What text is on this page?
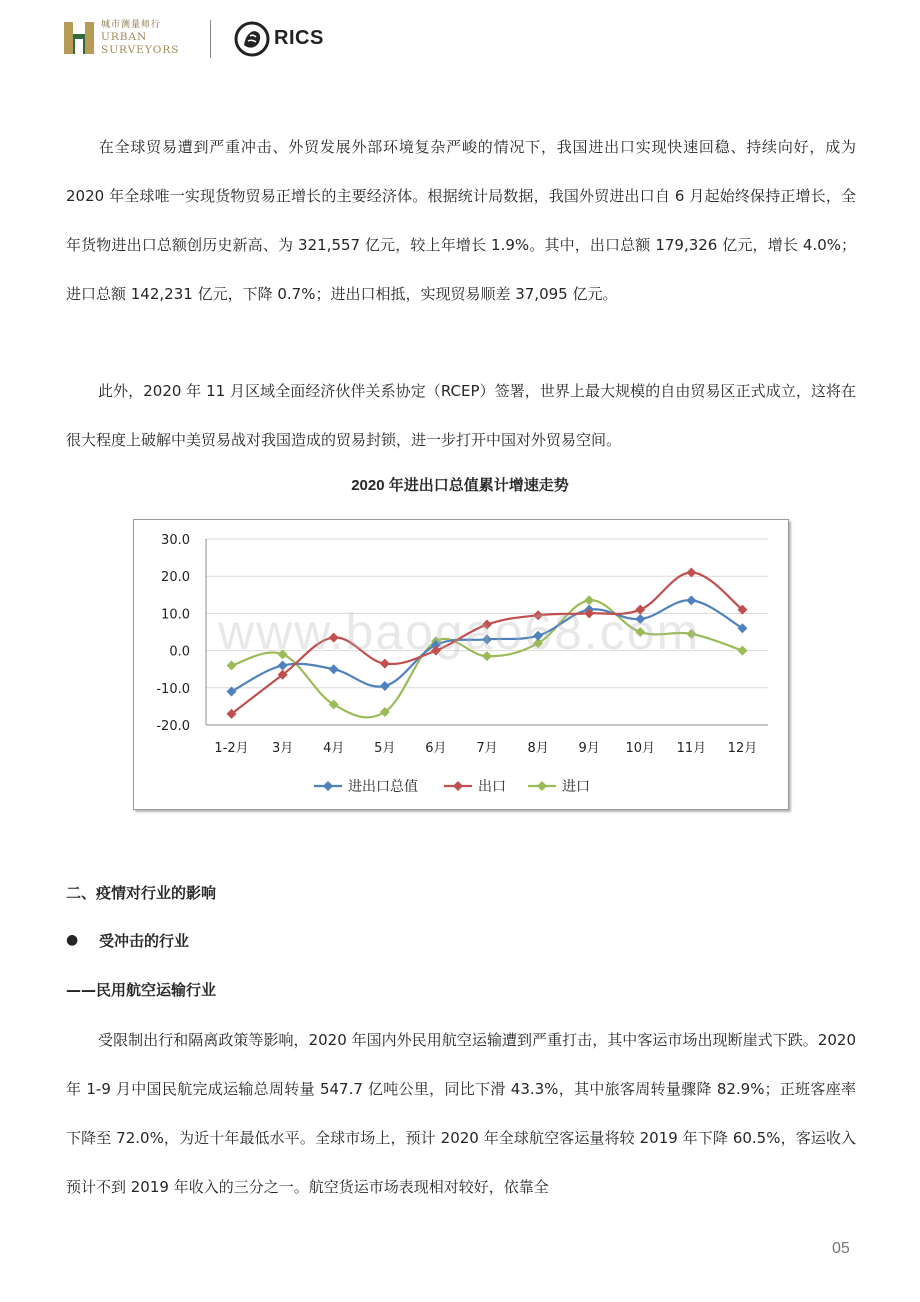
城市测量师行
URBAN
SURVEYORS
RICS

在全球贸易遭到严重冲击、外贸发展外部环境复杂严峻的情况下，我国进出口实现快速回稳、持续向好，成为 2020 年全球唯一实现货物贸易正增长的主要经济体。根据统计局数据，我国外贸进出口自 6 月起始终保持正增长，全年货物进出口总额创历史新高、为 321,557 亿元，较上年增长 1.9%。其中，出口总额 179,326 亿元，增长 4.0%；进口总额 142,231 亿元，下降 0.7%；进出口相抵，实现贸易顺差 37,095 亿元。

此外，2020 年 11 月区域全面经济伙伴关系协定（RCEP）签署，世界上最大规模的自由贸易区正式成立，这将在很大程度上破解中美贸易战对我国造成的贸易封锁，进一步打开中国对外贸易空间。

2020 年进出口总值累计增速走势
30.0
20.0
10.0
0.0
-10.0
-20.0
1-2月 3月 4月 5月 6月 7月 8月 9月 10月 11月 12月
进出口总值	出口	进口
www.baogao68.com

二、疫情对行业的影响

● 受冲击的行业

——民用航空运输行业

受限制出行和隔离政策等影响，2020 年国内外民用航空运输遭到严重打击，其中客运市场出现断崖式下跌。2020 年 1-9 月中国民航完成运输总周转量 547.7 亿吨公里，同比下滑 43.3%，其中旅客周转量骤降 82.9%；正班客座率下降至 72.0%，为近十年最低水平。全球市场上，预计 2020 年全球航空客运量将较 2019 年下降 60.5%，客运收入预计不到 2019 年收入的三分之一。航空货运市场表现相对较好，依靠全

05
